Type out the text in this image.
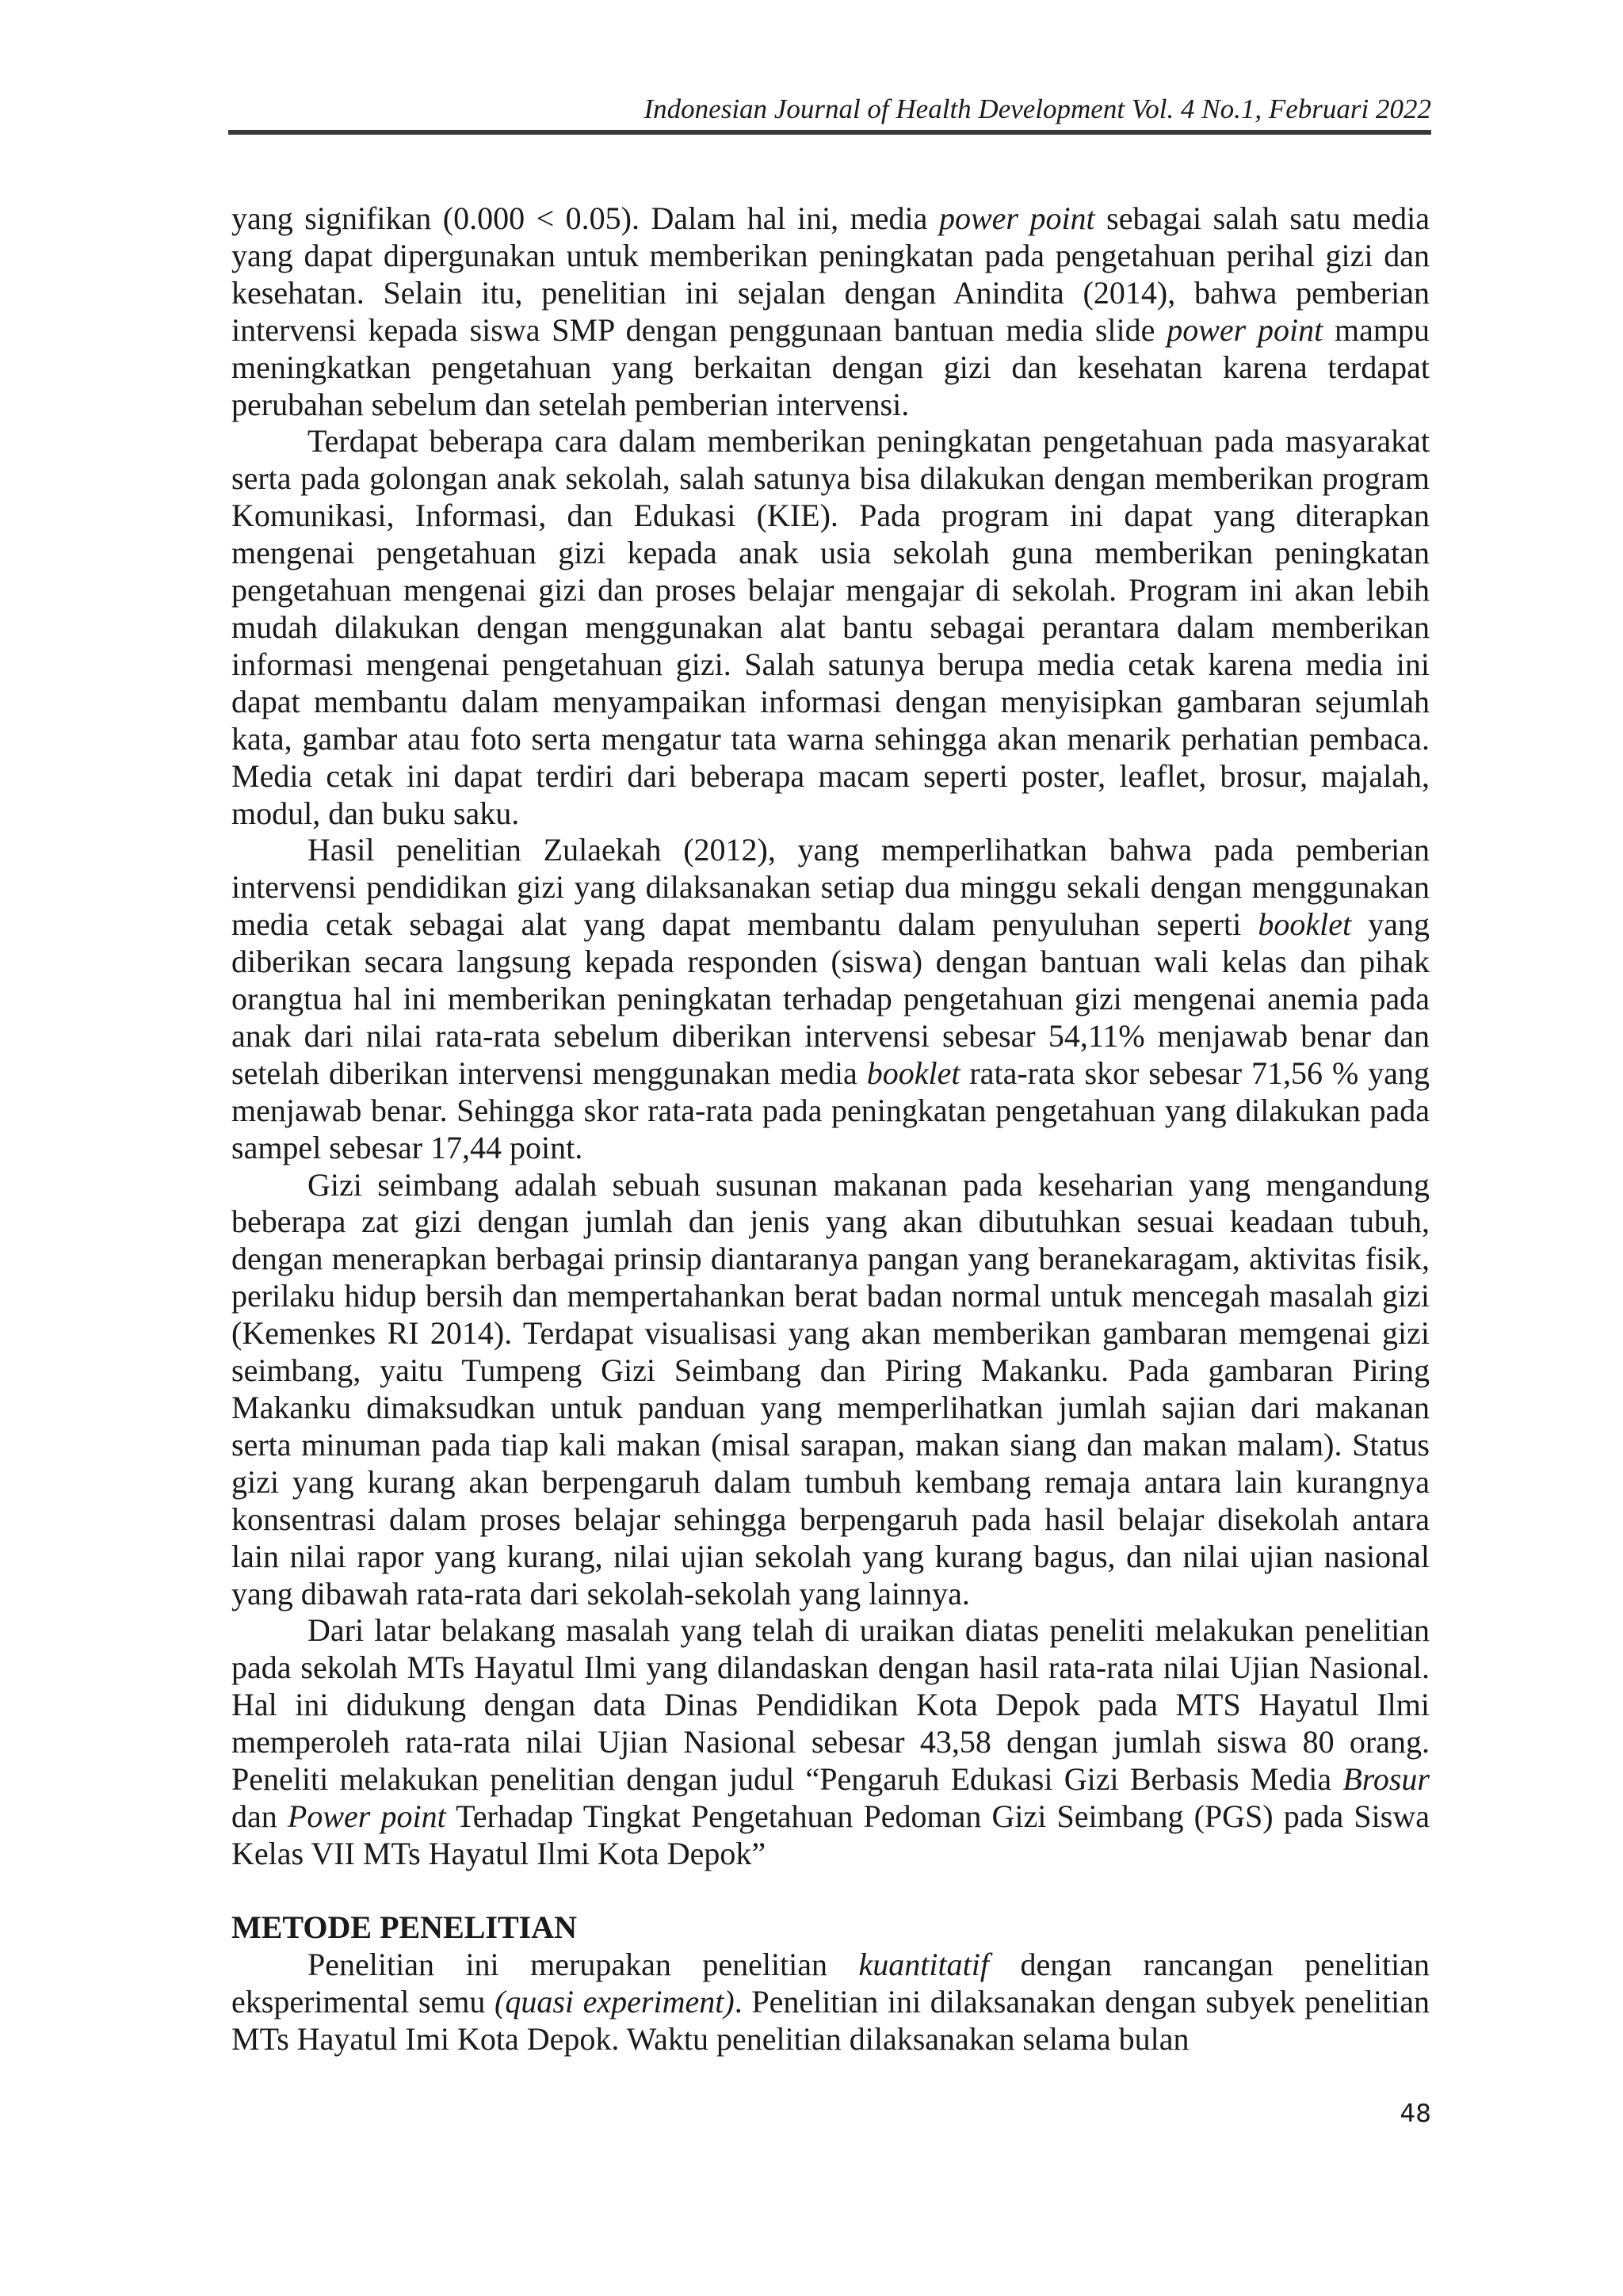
Indonesian Journal of Health Development Vol. 4 No.1, Februari 2022

yang signifikan (0.000 < 0.05). Dalam hal ini, media power point sebagai salah satu media yang dapat dipergunakan untuk memberikan peningkatan pada pengetahuan perihal gizi dan kesehatan. Selain itu, penelitian ini sejalan dengan Anindita (2014), bahwa pemberian intervensi kepada siswa SMP dengan penggunaan bantuan media slide power point mampu meningkatkan pengetahuan yang berkaitan dengan gizi dan kesehatan karena terdapat perubahan sebelum dan setelah pemberian intervensi.

Terdapat beberapa cara dalam memberikan peningkatan pengetahuan pada masyarakat serta pada golongan anak sekolah, salah satunya bisa dilakukan dengan memberikan program Komunikasi, Informasi, dan Edukasi (KIE). Pada program ini dapat yang diterapkan mengenai pengetahuan gizi kepada anak usia sekolah guna memberikan peningkatan pengetahuan mengenai gizi dan proses belajar mengajar di sekolah. Program ini akan lebih mudah dilakukan dengan menggunakan alat bantu sebagai perantara dalam memberikan informasi mengenai pengetahuan gizi. Salah satunya berupa media cetak karena media ini dapat membantu dalam menyampaikan informasi dengan menyisipkan gambaran sejumlah kata, gambar atau foto serta mengatur tata warna sehingga akan menarik perhatian pembaca. Media cetak ini dapat terdiri dari beberapa macam seperti poster, leaflet, brosur, majalah, modul, dan buku saku.

Hasil penelitian Zulaekah (2012), yang memperlihatkan bahwa pada pemberian intervensi pendidikan gizi yang dilaksanakan setiap dua minggu sekali dengan menggunakan media cetak sebagai alat yang dapat membantu dalam penyuluhan seperti booklet yang diberikan secara langsung kepada responden (siswa) dengan bantuan wali kelas dan pihak orangtua hal ini memberikan peningkatan terhadap pengetahuan gizi mengenai anemia pada anak dari nilai rata-rata sebelum diberikan intervensi sebesar 54,11% menjawab benar dan setelah diberikan intervensi menggunakan media booklet rata-rata skor sebesar 71,56 % yang menjawab benar. Sehingga skor rata-rata pada peningkatan pengetahuan yang dilakukan pada sampel sebesar 17,44 point.

Gizi seimbang adalah sebuah susunan makanan pada keseharian yang mengandung beberapa zat gizi dengan jumlah dan jenis yang akan dibutuhkan sesuai keadaan tubuh, dengan menerapkan berbagai prinsip diantaranya pangan yang beranekaragam, aktivitas fisik, perilaku hidup bersih dan mempertahankan berat badan normal untuk mencegah masalah gizi (Kemenkes RI 2014). Terdapat visualisasi yang akan memberikan gambaran memgenai gizi seimbang, yaitu Tumpeng Gizi Seimbang dan Piring Makanku. Pada gambaran Piring Makanku dimaksudkan untuk panduan yang memperlihatkan jumlah sajian dari makanan serta minuman pada tiap kali makan (misal sarapan, makan siang dan makan malam). Status gizi yang kurang akan berpengaruh dalam tumbuh kembang remaja antara lain kurangnya konsentrasi dalam proses belajar sehingga berpengaruh pada hasil belajar disekolah antara lain nilai rapor yang kurang, nilai ujian sekolah yang kurang bagus, dan nilai ujian nasional yang dibawah rata-rata dari sekolah-sekolah yang lainnya.

Dari latar belakang masalah yang telah di uraikan diatas peneliti melakukan penelitian pada sekolah MTs Hayatul Ilmi yang dilandaskan dengan hasil rata-rata nilai Ujian Nasional. Hal ini didukung dengan data Dinas Pendidikan Kota Depok pada MTS Hayatul Ilmi memperoleh rata-rata nilai Ujian Nasional sebesar 43,58 dengan jumlah siswa 80 orang. Peneliti melakukan penelitian dengan judul “Pengaruh Edukasi Gizi Berbasis Media Brosur dan Power point Terhadap Tingkat Pengetahuan Pedoman Gizi Seimbang (PGS) pada Siswa Kelas VII MTs Hayatul Ilmi Kota Depok”

METODE PENELITIAN

Penelitian ini merupakan penelitian kuantitatif dengan rancangan penelitian eksperimental semu (quasi experiment). Penelitian ini dilaksanakan dengan subyek penelitian MTs Hayatul Imi Kota Depok. Waktu penelitian dilaksanakan selama bulan

48
